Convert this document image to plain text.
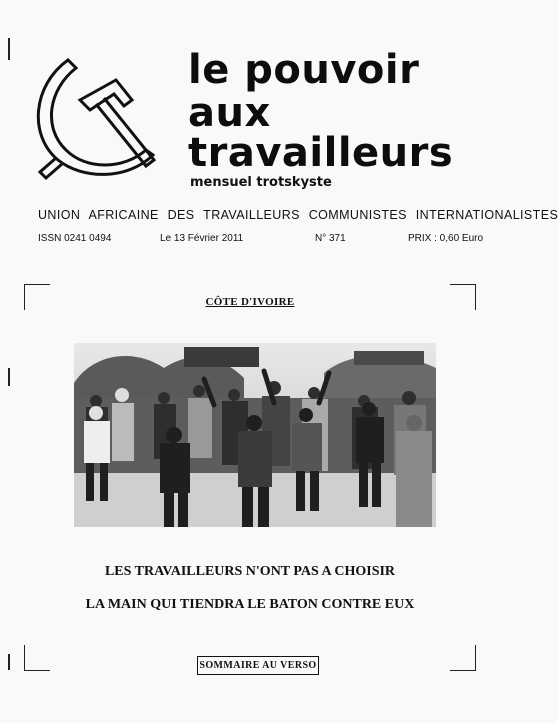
le pouvoir
aux
travailleurs
mensuel trotskyste
UNION AFRICAINE DES TRAVAILLEURS COMMUNISTES INTERNATIONALISTES
ISSN 0241 0494	Le 13 Février 2011	N° 371	PRIX : 0,60 Euro
CÔTE D'IVOIRE
LES TRAVAILLEURS N'ONT PAS A CHOISIR
LA MAIN QUI TIENDRA LE BATON CONTRE EUX
SOMMAIRE AU VERSO
